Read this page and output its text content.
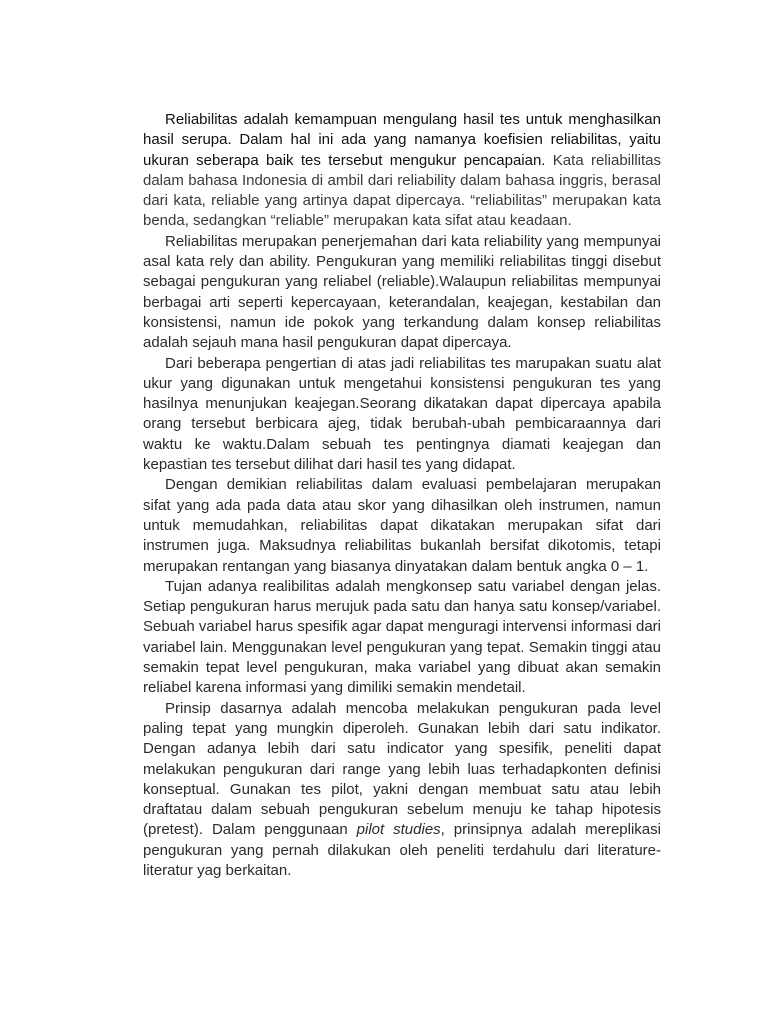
Reliabilitas adalah kemampuan mengulang hasil tes untuk menghasilkan hasil serupa. Dalam hal ini ada yang namanya koefisien reliabilitas, yaitu ukuran seberapa baik tes tersebut mengukur pencapaian. Kata reliabillitas dalam bahasa Indonesia di ambil dari reliability dalam bahasa inggris, berasal dari kata, reliable yang artinya dapat dipercaya. “reliabilitas” merupakan kata benda, sedangkan “reliable” merupakan kata sifat atau keadaan.

Reliabilitas merupakan penerjemahan dari kata reliability yang mempunyai asal kata rely dan ability. Pengukuran yang memiliki reliabilitas tinggi disebut sebagai pengukuran yang reliabel (reliable).Walaupun reliabilitas mempunyai berbagai arti seperti kepercayaan, keterandalan, keajegan, kestabilan dan konsistensi, namun ide pokok yang terkandung dalam konsep reliabilitas adalah sejauh mana hasil pengukuran dapat dipercaya.

Dari beberapa pengertian di atas jadi reliabilitas tes marupakan suatu alat ukur yang digunakan untuk mengetahui konsistensi pengukuran tes yang hasilnya menunjukan keajegan.Seorang dikatakan dapat dipercaya apabila orang tersebut berbicara ajeg, tidak berubah-ubah pembicaraannya dari waktu ke waktu.Dalam sebuah tes pentingnya diamati keajegan dan kepastian tes tersebut dilihat dari hasil tes yang didapat.

Dengan demikian reliabilitas dalam evaluasi pembelajaran merupakan sifat yang ada pada data atau skor yang dihasilkan oleh instrumen, namun untuk memudahkan, reliabilitas dapat dikatakan merupakan sifat dari instrumen juga. Maksudnya reliabilitas bukanlah bersifat dikotomis, tetapi merupakan rentangan yang biasanya dinyatakan dalam bentuk angka 0 – 1.

Tujan adanya realibilitas adalah mengkonsep satu variabel dengan jelas. Setiap pengukuran harus merujuk pada satu dan hanya satu konsep/variabel. Sebuah variabel harus spesifik agar dapat menguragi intervensi informasi dari variabel lain. Menggunakan level pengukuran yang tepat. Semakin tinggi atau semakin tepat level pengukuran, maka variabel yang dibuat akan semakin reliabel karena informasi yang dimiliki semakin mendetail.

Prinsip dasarnya adalah mencoba melakukan pengukuran pada level paling tepat yang mungkin diperoleh. Gunakan lebih dari satu indikator. Dengan adanya lebih dari satu indicator yang spesifik, peneliti dapat melakukan pengukuran dari range yang lebih luas terhadapkonten definisi konseptual. Gunakan tes pilot, yakni dengan membuat satu atau lebih draftatau dalam sebuah pengukuran sebelum menuju ke tahap hipotesis (pretest). Dalam penggunaan pilot studies, prinsipnya adalah mereplikasi pengukuran yang pernah dilakukan oleh peneliti terdahulu dari literature-literatur yag berkaitan.
